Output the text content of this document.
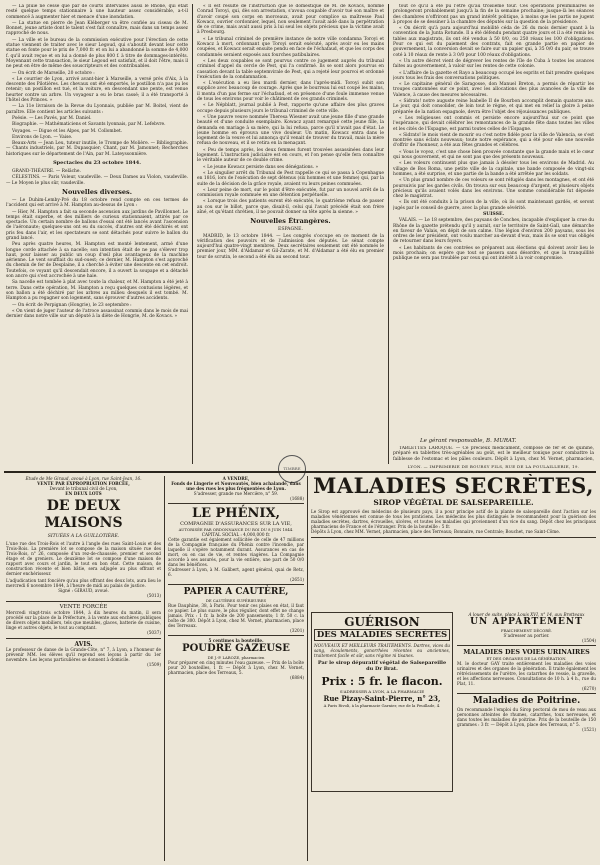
— La pluie ne cesse que par de courts intervalles aussi le Rhône, qui était resté quelque temps stationnaire à une hauteur assez considérable, a-t-il commencé à augmenter hier et menace d'une inondation.

— La statue en pierre de Jean Kléberger va être confiée au ciseau de M. Bonnet, jeune artiste dont le talent s'est fait connaître, mais dans un temps assez rapproché de nous.

— La ville et le bureau de la commission exécutive pour l'érection de cette statue viennent de traiter avec le sieur Legoud, qui s'aboutit devant leur cette statue en fonte pour le prix de 7,000 fr. et on lui a abandonné la somme de 4,000 f. qu'il avait reçue et on lui a donné de plus 800 f. à titre de dommages-intérêts. Moyennant cette transaction, le sieur Legoud est satisfait, et il doit l'être, mais il ne peut en être de même des souscripteurs et des contribuables.

— On écrit de Marseille, 20 octobre :

« Le courrier de Lyon, arrivé avant-hier à Marseille, a versé près d'Aix, à la descente des Pilotières. Les chevaux ont été emportés, le postillon n'a pas pu les retenir; un postillon est tué, et la voiture, en descendant une pente, est venue heurter contre un arbre. Un voyageur a eu le bras cassé; il a été transporté à l'hôtel des Princes. »

— La 11e livraison de la Revue du Lyonnais, publiée par M. Boitel, vient de paraître. Elle contient les articles suivants :

Poésie. — Les Pavés, par M. Daniel.

Biographie. — Mathématiciens et Savants lyonnais, par M. Lefebvre.

Voyages. — Digue et les Alpes, par M. Collombet.

Environs de Lyon. — Vaise.

Beaux-Arts — Jean Leu, tuteur inutile, le Trompe de Molière. — Bibliographie. — Chants industriels, par M. Dupasquier; Chant, par M. Jamonnet; Recherches historiques sur le département de l'Ain, par M. Lateyssonnière.

Spectacles du 23 octobre 1844.

GRAND-THÉATRE. — Relâche.

CÉLESTINS. — Paris Voleur, vaudeville. — Deux Dames au Violon, vaudeville. — Le Moyen le plus sûr, vaudeville.

Nouvelles diverses.

— Le Duhim-Lemby-Pré du 18 octobre rend compte en ces termes de l'accident qui est arrivé à M. Hampton au-dessus de Lyon :

— Hier, M. Hampton a fait sa seconde ascension aux jardins de Pavillonnet. Le temps était superbe, et des milliers de curieux stationnaient, attirés par ce spectacle. Un certain nombre de ballons d'essai ont été lancés avant l'ascension de l'aéronaute; quelques-uns ont eu du succès, d'autres ont été déchirés et ont pris feu dans l'air, et les spectateurs se sont détachés pour suivre le ballon du grand lancé.

Peu après quatre heures, M. Hampton est monté lentement, armé d'une longue corde attachée à sa nacelle; son intention était de ne pas s'élever trop haut, pour laisser au public un coup d'œil plus avantageux de la machine aérienne. Le vent soufflait du sud-ouest; ce dernier, M. Hampton s'est approché du chemin de fer de Desplaine, il a cherché à éviter une descente en cet endroit. Toutefois, ce voyant qu'il descendait encore, il a ouvert la soupape et a détaché son ancre qui s'est accrochée à une haie.

Sa nacelle est tombée à plat avec toute la chaleur, et M. Hampton a été jeté à terre. Dans cette opération, M. Hampton a reçu quelques contusions légères, et son ballon a été déchiré par les arbres au milieu desquels il est tombé. M. Hampton a pu regagner son logement, sans éprouver d'autres accidents.

— On écrit de Perpignan (Hongrie), le 23 septembre :

« On vient de juger l'auteur de l'atroce assassinat commis dans le mois de mai dernier dans notre ville sur un député à la diète de Hongrie, M. de Kovacs. »

« Il est résulté de l'instruction que le domestique de M. de Kovacs, nommé Conrad Toroyi, qui, dès son arrestation, s'avoua coupable d'avoir tué son maître et d'avoir coupé son corps en morceaux, avait pour complice sa maîtresse Paul Kowacz, ouvrier cordonnier, lequel, non seulement l'avait aidé dans la perpétration de ce crime, mais avait aussi pris à lui seul les objets précieux que la victime avait à Presbourg.

« Le tribunal criminel de première instance de notre ville condamna Toroyi et Kowacz à mort, ordonnant que Toroyi serait exécuté, après avoir eu les mains coupées, et Kowacz serait ensuite pendu en face de l'échafaud, et que les corps des condamnés seraient exposés aux fourches patibulaires.

« Les deux coupables se sont pourvus contre ce jugement auprès du tribunal criminel d'appel du cercle de Pest, qui l'a confirmé. Ils se sont alors pourvus en cassation devant la table septemvirale de Pest, qui a rejeté leur pourvoi et ordonné l'exécution de la condamnation.

« L'exécution a eu lieu mardi dernier, dans l'après-midi. Toroyi subit son supplice avec beaucoup de courage. Après que le bourreau lui eut coupé les mains, il monta d'un pas ferme sur l'échafaud, et en présence d'une foule immense venue de tous les environs pour voir le châtiment de ces grands criminels.

« Le Népblatt, journal publié à Pest, rapporte qu'une affaire des plus graves occupe depuis plusieurs jours le tribunal criminel de cette ville.

« Une pauvre veuve nommée Theresa Wiesner avait une jeune fille d'une grande beauté et d'une conduite exemplaire. Kowacz ayant remarqué cette jeune fille, la demanda en mariage à sa mère, qui la lui refusa, parce qu'il n'avait pas d'état. Le jeune homme en éprouva une vive douleur. Un matin, Kowacz entra dans le logement de la veuve et lui annonça qu'il venait de trouver du travail, mais la mère refusa de nouveau, et il se retira en la menaçant.

« Peu de temps après, les deux femmes furent trouvées assassinées dans leur logement. L'instruction judiciaire est en cours, et l'on pense qu'elle fera connaître le véritable auteur de ce double crime.

« Le jeune Kowacz persiste dans ses dénégations. »

« Le singulier arrêt du Tribunal de Pest rappelle ce qui se passa à Copenhague en 1816, lors de l'exécution de sept détenus (six hommes et une femme) qui, par la suite de la décision de la grâce royale, avaient vu leurs peines commuées.

« Leur peine de mort, sur le point d'être exécutée, fut par un nouvel arrêt de la commission royale commuée en une détention perpétuelle.

« Lorsque trois des patients eurent été exécutés, le quatrième refusa de passer au cou sur le billot, parce que, disait-il, celui qui l'avait précédé était son frère aîné, et qu'étant chrétien, il ne pouvait donner sa tête après la sienne. »

Nouvelles Étrangères.
ESPAGNE.

MADRID, le 13 octobre 1844. — Les congrès s'occupe en ce moment de la vérification des pouvoirs et de l'admission des députés. Le sénat compte aujourd'hui quatre-vingt membres. Deux secrétaires seulement ont été nommés le premier jour, MM. d'Aldamar et Gil-Zarate, et M. d'Aldamar a été élu en premier tour de scrutin, le second a été élu au second tour.

TIMBRE

tout ce qu'il a été pu l'être qu'au troisième tour. Ces opérations préliminaires se prolongeront probablement jusqu'à la fin de la semaine prochaine; jusque-là les séances des chambres n'offriront pas un grand intérêt politique, à moins que les partis ne jugent à propos de se dessiner à la chambre des députés sur la question de la présidence.

« On décrit qu'à para aujourd'hui mobilité céda de 26 du mois dernier quant à la convention de la Junta Rotunde. Il a été défendu pendant quatre jours et il a été remis les tables aux magistrats, ils ont été vendus à 50 0/0, ou 250 réaux les 100 d'obligations. Pour ce qui est du paiement des contrats, fait en grande partie en papier de gouvernement, la conversion devait se faire sur un papier qui, à 35 0/0 du pair, se trouve coté à 10 réaux de rente à 3 0/0 pour 100 réaux d'obligations.

« Un autre décret vient de dégrever les rentes de l'île de Cuba à toutes les avances faites au gouvernement, à valoir sur les rentes de cette colonie.

« L'affaire de la gazette et Rayo a beaucoup occupé les esprits et fait prendre quelques jours tous les frais des conversations politiques.

« Le capitaine général de Saragosse, don Manuel Breton, a permis de répartir les troupes cantonnées sur ce point, avec les allocations des plus avancées de la ville de Valence, à cause des mesures nécessaires.

« Sidrats! notre auguste reine Isabelle II de Bourbon accomplit demain quatorze ans. Le jour, qui doit consolider, de loin tout le règne, et qui met en relief la gloire à peine préparée de la nation espagnole, devra être l'objet des réjouissances publiques.

« Les religieuses ont commis et persiste encore aujourd'hui sur ce point que l'espérance, qui devait célébrer les remontances de la grande fête dans toutes les villes et les cités de l'Espagne, est parmi toutes celles de l'Espagne.

« Sidrats! le mois vient de mourir ou c'est notre fidèle pour la ville de Valencia, se s'est montrée sans éclats nouveaux; toute notre espérance, qui a été pour elle une nouvelle d'offrir de l'honneur, a été aux fêtes grandes et célèbres.

« Vous le voyez, c'est une chose bien prouvée constante que la grande main et le cœur qui nous gouvernent, et qui ne sont pas que des présents nouveaux.

« Les voleurs continuent plus que jamais à désoler tous les environs de Madrid. Au village de Bos Roma, une petite ville de la capitale, une bande composée de vingt-six hommes, a été surprise, et une partie de la bande a été arrêtée par les soldats.

« Un plus grand nombre de ces voleurs se sont réfugiés dans les montagnes, et ont été poursuivis par les gardes civils. On trouva sur eux beaucoup d'argent, et plusieurs objets précieux qu'ils avaient volés dans les environs. Une somme considérable fut déposée chez le magistrat.

« Ils ont été conduits à la prison de la ville, où ils sont maintenant gardés, et seront jugés par le conseil de guerre, avec la plus grande sévérité.

SUISSE.

VALAIS. — Le 18 septembre, des paysans de Conches, incapable d'expliquer la crue du Rhône de la gazette prétendu qu'il y aurait, sur le territoire de Saint-Gall, une démarche en faveur de Valais, en dépit de son calme. Une légion d'environ 200 paysans, sous les ordres de leur président, ont voulu marcher au-devant d'eux, mais ils se sont vus obligés de retourner dans leurs foyers.

« Les habitants de ces contrées se préparent aux élections qui doivent avoir lieu le mois prochain; on espère que tout se passera sans désordre, et que la tranquillité publique ne sera pas troublée par ceux qui ont intérêt à la voir compromise.

Le gérant responsable, B. MURAT.

TABLETTES LAROQUE. — Ce précieux médicament, composé de fer et de quinine, préparé en tablettes très-agréables au goût, est le meilleur tonique pour combattre la faiblesse de l'estomac et les pâles couleurs. Dépôt à Lyon, chez M. Vernet, pharmacien,

LYON. — IMPRIMERIE DE BOURSY FILS, RUE DE LA POULAILLERIE, 19.
Étude de Me Giraud, avoué à Lyon, rue Saint-Jean, 16.
VENTE PAR EXPROPRIATION FORCÉE,
Devant le tribunal civil de Lyon,
EN DEUX LOTS
DE DEUX MAISONS
SITUÉES A LA GUILLOTIÈRE.
L'une rue des Trois-Rois et l'autre à l'angle des rues Saint-Louis et des Trois-Rois. La première lot se compose de la maison située rue des Trois-Rois, n° 26, composée d'un rez-de-chaussée, premier et second étage et de greniers. Le deuxième lot se compose d'une maison de rapport avec cours et jardin, le tout en bon état. Cette maison, de construction récente et bien bâtie, sera adjugée au plus offrant et dernier enchérisseur.
L'adjudication tant foncière qu'au plus offrant des deux lots, aura lieu le mercredi 6 novembre 1844, à l'heure de midi au palais de justice.
Signé : GIRAUD, avoué.
(5013)
VENTE FORCÉE
Mercredi vingt-trois octobre 1844, à dix heures du matin, il sera procédé sur la place de la Préfecture, à la vente aux enchères publiques de divers objets mobiliers, tels que meubles, glaces, batterie de cuisine, linge et autres objets, le tout au comptant.
(5037)
AVIS.
Le professeur de danse de la Grande-Côte, n° 7, à Lyon, a l'honneur de prévenir MM. les élèves qu'il reprend ses leçons à partir du 1er novembre. Les leçons particulières se donnent à domicile.
(1509)
A VENDRE,
Fonds de Lingerie et Nouveautés, bien achalandé, dans une des rues les plus fréquentées de Lyon.
S'adresser, grande rue Mercière, n° 59.
(1688)
LE PHÉNIX,
COMPAGNIE D'ASSURANCES SUR LA VIE,
AUTORISÉE PAR ORDONNANCE DU ROI DU 8 JUIN 1844.
CAPITAL SOCIAL : 4,000,000 fr.
Cette garantie est également sollicitée de celle de 47 millions de la Compagnie française du Phénix contre l'incendie, par laquelle il s'opère notamment durant. Assurances en cas de mort, ou en cas de vie, et rentes viagères. La Compagnie accorde à ses assurés, pour la vie entière, une part de 50 0/0 dans les bénéfices.
S'adresser à Lyon, à M. Galibert, agent général, quai de Retz, 6.
(2651)
PAPIER A CAUTÈRE,
DE CAUTÈRES SUPÉRIEURES
Rue Dauphine, 38, à Paris. Pour tenir ces plaies en état, il faut ce papier. Le plus suave, le plus régulier, dont effet ne change jamais. Prix : 1 fr. la boîte de 200 pansements; 1 fr. 50 c. la boîte de 300. Dépôt à Lyon, chez M. Vernet, pharmacien, place des Terreaux.
(3201)
5 centimes la bouteille.
POUDRE GAZEUSE
DE J.-P. LAROZE, pharmacien
Pour préparer en cinq minutes l'eau gazeuse. — Prix de la boîte pour 20 bouteilles, 1 fr. — Dépôt à Lyon, chez M. Vernet, pharmacien, place des Terreaux, 5.
(6884)
MALADIES SECRÈTES,
SIROP VÉGÉTAL DE SALSEPAREILLE.
Le Sirop est approuvé des médecins de plusieurs pays, il a pour principe actif de la plante de salsepareille dont l'action sur les maladies vénériennes est connue de tous les praticiens. Les médecins les plus distingués le recommandent pour la guérison des maladies secrètes, dartres, écrouelles, ulcères, et toutes les maladies qui proviennent d'un vice du sang. Dépôt chez les principaux pharmaciens de France et de l'étranger. Prix de la bouteille : 5 fr.
Dépôts à Lyon, chez MM. Vernet, pharmacien, place des Terreaux; Bonnaire, rue Centrale; Bouchet, rue Saint-Côme.
GUÉRISON
DES MALADIES SECRÈTES
NOUVEAUX ET MEILLEURS TRAITEMENTS. Dartres, vices du sang, écoulements, gonorrhées récentes ou anciennes, traitement facile et sûr, sans régime ni tisanes.
Par le sirop dépuratif végétal de Salsepareille du Dr Brat.
Prix : 5 fr. le flacon.
S'ADRESSER A LYON, A LA PHARMACIE
Rue Pizay-Saint-Pierre, n° 23,
A Paris Rivoli, à la pharmacie Garnier, rue de la Feuillade, 4.
A louer de suite, place Louis XVI, n° 14, aux Brotteaux
UN APPARTEMENT
FRAICHEMENT DÉCORÉ.
S'adresser au portier.
(1504)
MALADIES DES VOIES URINAIRES
ET DES ORGANES DE LA GÉNÉRATION.
M. le docteur GAY traite entièrement les maladies des voies urinaires et des organes de la génération. Il traite également les rétrécissements de l'urètre, les catarrhes de vessie, la gravelle, et les affections nerveuses. Consultations de 10 h. à 4 h., rue du Plat, 11.
(6270)
Maladies de Poitrine.
On recommande l'emploi du Sirop pectoral de mou de veau aux personnes atteintes de rhumes, catarrhes, toux nerveuses, et dans toutes les maladies de poitrine. Prix de la bouteille de 150 grammes : 3 fr. — Dépôt à Lyon, place des Terreaux, n° 5.
(1521)
